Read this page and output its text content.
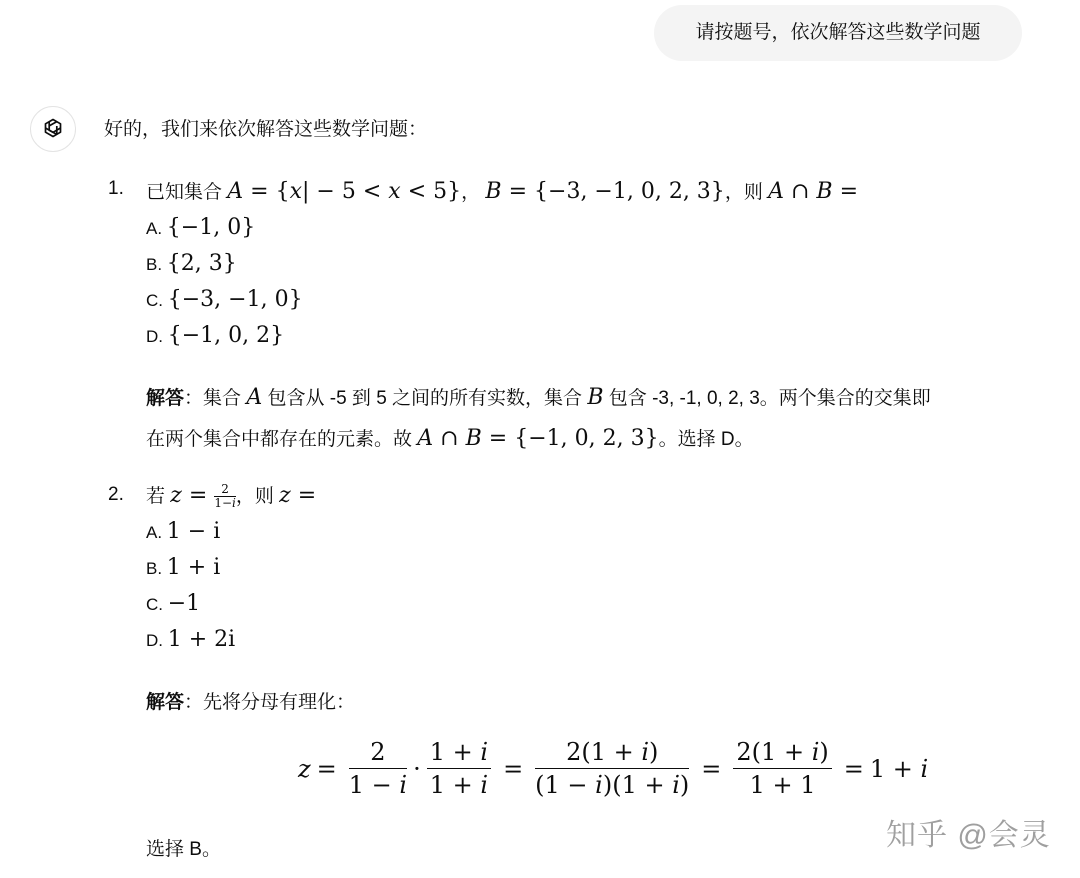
请按题号，依次解答这些数学问题
好的，我们来依次解答这些数学问题：
1. 已知集合 A = {x| − 5 < x < 5}， B = {−3, −1, 0, 2, 3}，则 A ∩ B =
A. {−1, 0}
B. {2, 3}
C. {−3, −1, 0}
D. {−1, 0, 2}
解答：集合 A 包含从 -5 到 5 之间的所有实数，集合 B 包含 -3, -1, 0, 2, 3。两个集合的交集即
在两个集合中都存在的元素。故 A ∩ B = {−1, 0, 2, 3}。选择 D。
2. 若 $z = \frac{2}{1-i}$ ，则 z =
A. 1 − i
B. 1 + i
C. −1
D. 1 + 2i
解答：先将分母有理化：
$z = \frac{2}{1 - i} \cdot \frac{1 + i}{1 + i} = \frac{2(1 + i)}{(1 - i)(1 + i)} = \frac{2(1 + i)}{1 + 1} = 1 + i$
选择 B。	知乎 @会灵
